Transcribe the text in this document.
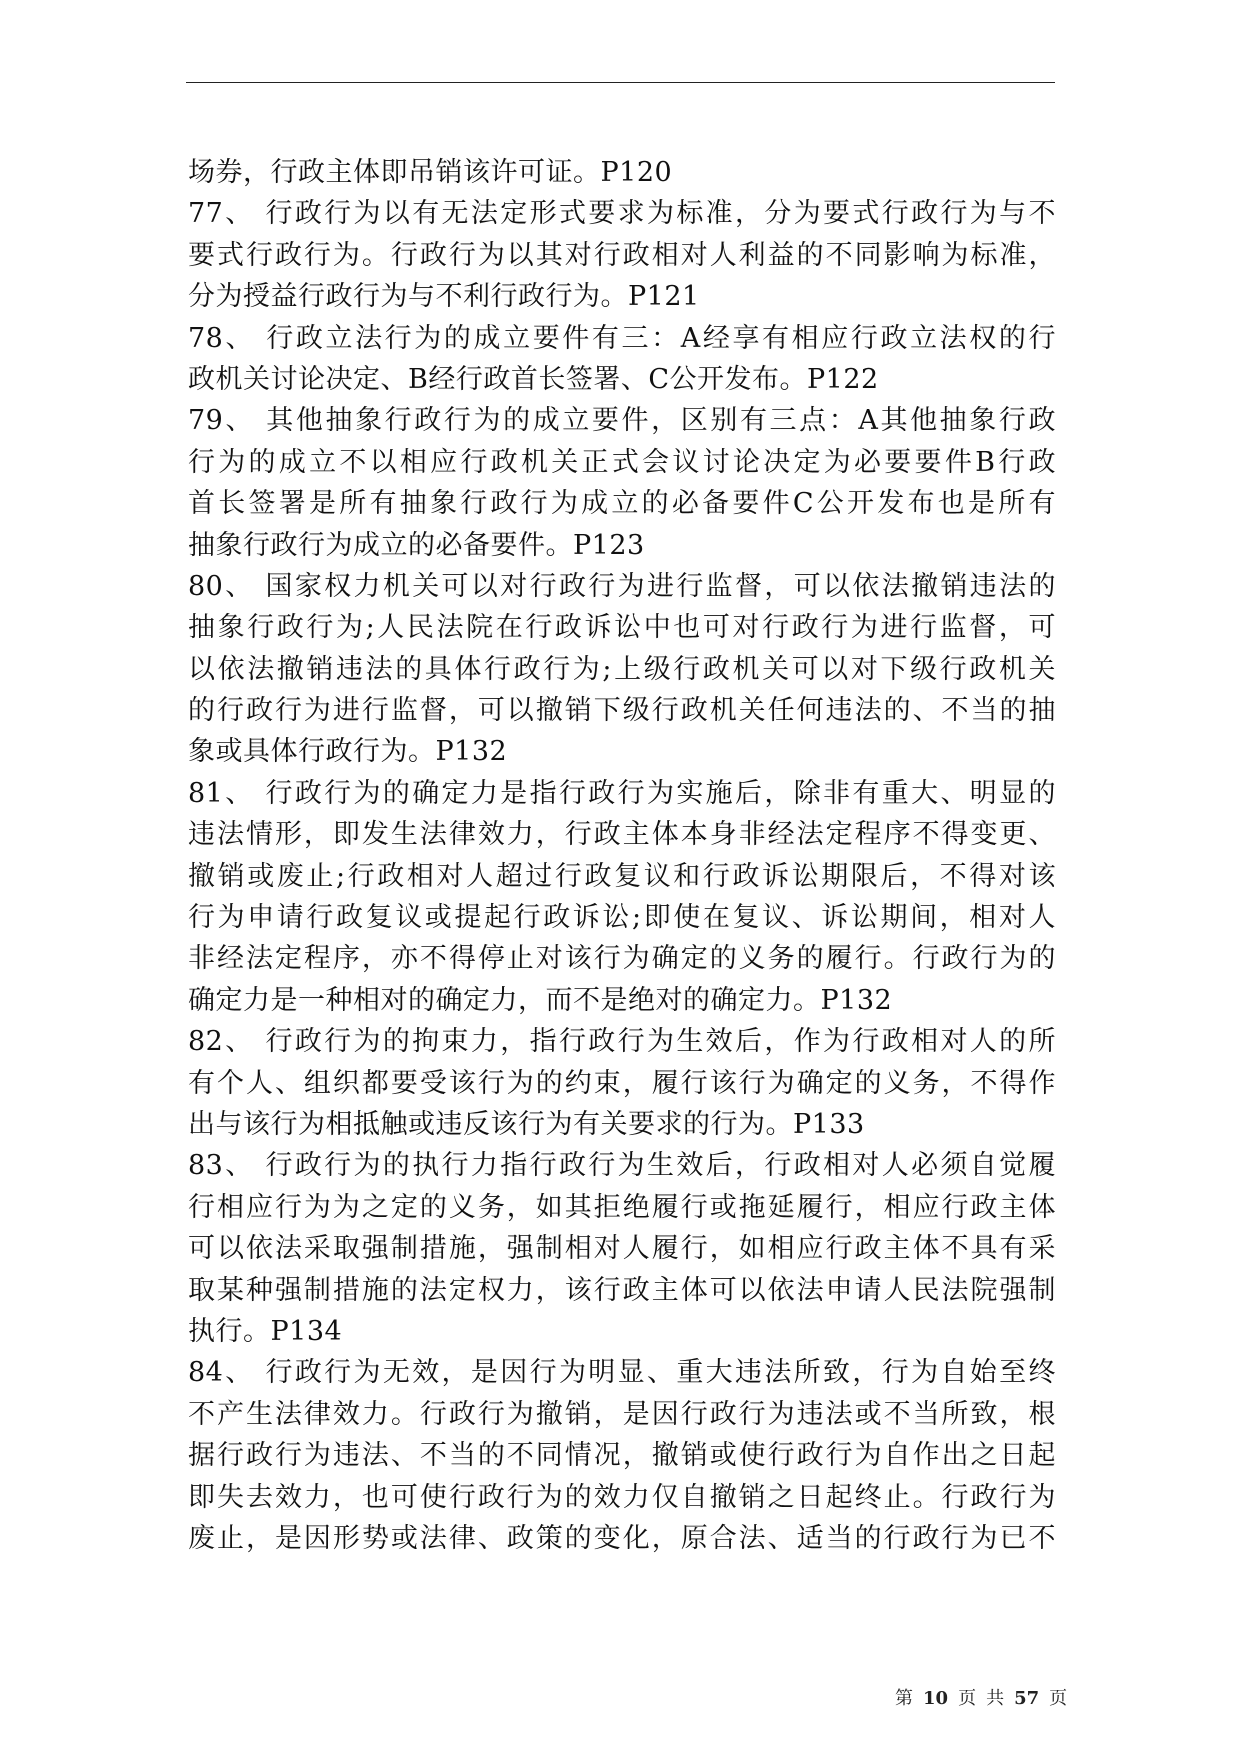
场券，行政主体即吊销该许可证。P120
77、 行政行为以有无法定形式要求为标准，分为要式行政行为与不
要式行政行为。行政行为以其对行政相对人利益的不同影响为标准，
分为授益行政行为与不利行政行为。P121
78、 行政立法行为的成立要件有三：A经享有相应行政立法权的行
政机关讨论决定、B经行政首长签署、C公开发布。P122
79、 其他抽象行政行为的成立要件，区别有三点：A其他抽象行政
行为的成立不以相应行政机关正式会议讨论决定为必要要件B行政
首长签署是所有抽象行政行为成立的必备要件C公开发布也是所有
抽象行政行为成立的必备要件。P123
80、 国家权力机关可以对行政行为进行监督，可以依法撤销违法的
抽象行政行为;人民法院在行政诉讼中也可对行政行为进行监督，可
以依法撤销违法的具体行政行为;上级行政机关可以对下级行政机关
的行政行为进行监督，可以撤销下级行政机关任何违法的、不当的抽
象或具体行政行为。P132
81、 行政行为的确定力是指行政行为实施后，除非有重大、明显的
违法情形，即发生法律效力，行政主体本身非经法定程序不得变更、
撤销或废止;行政相对人超过行政复议和行政诉讼期限后，不得对该
行为申请行政复议或提起行政诉讼;即使在复议、诉讼期间，相对人
非经法定程序，亦不得停止对该行为确定的义务的履行。行政行为的
确定力是一种相对的确定力，而不是绝对的确定力。P132
82、 行政行为的拘束力，指行政行为生效后，作为行政相对人的所
有个人、组织都要受该行为的约束，履行该行为确定的义务，不得作
出与该行为相抵触或违反该行为有关要求的行为。P133
83、 行政行为的执行力指行政行为生效后，行政相对人必须自觉履
行相应行为为之定的义务，如其拒绝履行或拖延履行，相应行政主体
可以依法采取强制措施，强制相对人履行，如相应行政主体不具有采
取某种强制措施的法定权力，该行政主体可以依法申请人民法院强制
执行。P134
84、 行政行为无效，是因行为明显、重大违法所致，行为自始至终
不产生法律效力。行政行为撤销，是因行政行为违法或不当所致，根
据行政行为违法、不当的不同情况，撤销或使行政行为自作出之日起
即失去效力，也可使行政行为的效力仅自撤销之日起终止。行政行为
废止，是因形势或法律、政策的变化，原合法、适当的行政行为已不
第 10 页 共 57 页
